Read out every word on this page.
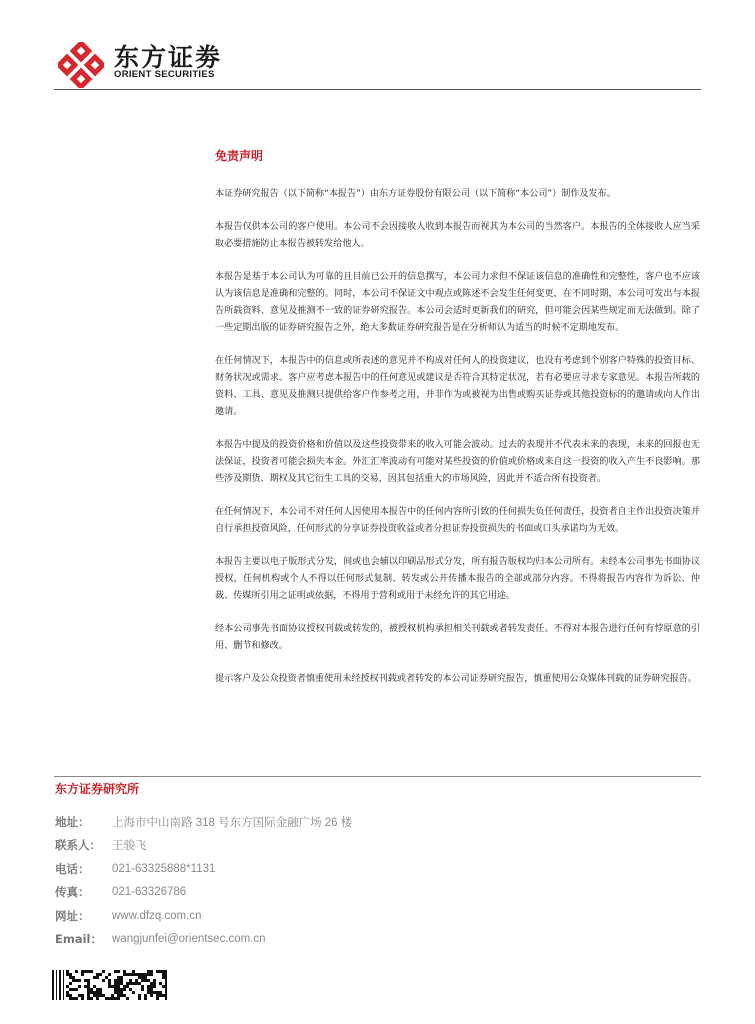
东方证劵
ORIENT SECURITIES
免责声明

本证券研究报告（以下简称“本报告”）由东方证券股份有限公司（以下简称“本公司”）制作及发布。

本报告仅供本公司的客户使用。本公司不会因接收人收到本报告而视其为本公司的当然客户。本报告的全体接收人应当采取必要措施防止本报告被转发给他人。

本报告是基于本公司认为可靠的且目前已公开的信息撰写，本公司力求但不保证该信息的准确性和完整性，客户也不应该认为该信息是准确和完整的。同时，本公司不保证文中观点或陈述不会发生任何变更，在不同时期，本公司可发出与本报告所载资料、意见及推测不一致的证券研究报告。本公司会适时更新我们的研究，但可能会因某些规定而无法做到。除了一些定期出版的证券研究报告之外，绝大多数证券研究报告是在分析师认为适当的时候不定期地发布。

在任何情况下，本报告中的信息或所表述的意见并不构成对任何人的投资建议，也没有考虑到个别客户特殊的投资目标、财务状况或需求。客户应考虑本报告中的任何意见或建议是否符合其特定状况，若有必要应寻求专家意见。本报告所载的资料、工具、意见及推测只提供给客户作参考之用，并非作为或被视为出售或购买证券或其他投资标的的邀请或向人作出邀请。

本报告中提及的投资价格和价值以及这些投资带来的收入可能会波动。过去的表现并不代表未来的表现，未来的回报也无法保证，投资者可能会损失本金。外汇汇率波动有可能对某些投资的价值或价格或来自这一投资的收入产生不良影响。那些涉及期货、期权及其它衍生工具的交易，因其包括重大的市场风险，因此并不适合所有投资者。

在任何情况下，本公司不对任何人因使用本报告中的任何内容所引致的任何损失负任何责任，投资者自主作出投资决策并自行承担投资风险，任何形式的分享证券投资收益或者分担证券投资损失的书面或口头承诺均为无效。

本报告主要以电子版形式分发，间或也会辅以印刷品形式分发，所有报告版权均归本公司所有。未经本公司事先书面协议授权，任何机构或个人不得以任何形式复制、转发或公开传播本报告的全部或部分内容。不得将报告内容作为诉讼、仲裁、传媒所引用之证明或依据，不得用于营利或用于未经允许的其它用途。

经本公司事先书面协议授权刊载或转发的，被授权机构承担相关刊载或者转发责任。不得对本报告进行任何有悖原意的引用、删节和修改。

提示客户及公众投资者慎重使用未经授权刊载或者转发的本公司证券研究报告，慎重使用公众媒体刊载的证券研究报告。

东方证券研究所
地址：	上海市中山南路 318 号东方国际金融广场 26 楼
联系人： 王骏飞
电话：	021-63325888*1131
传真：	021-63326786
网址：	www.dfzq.com.cn
Email： wangjunfei@orientsec.com.cn
